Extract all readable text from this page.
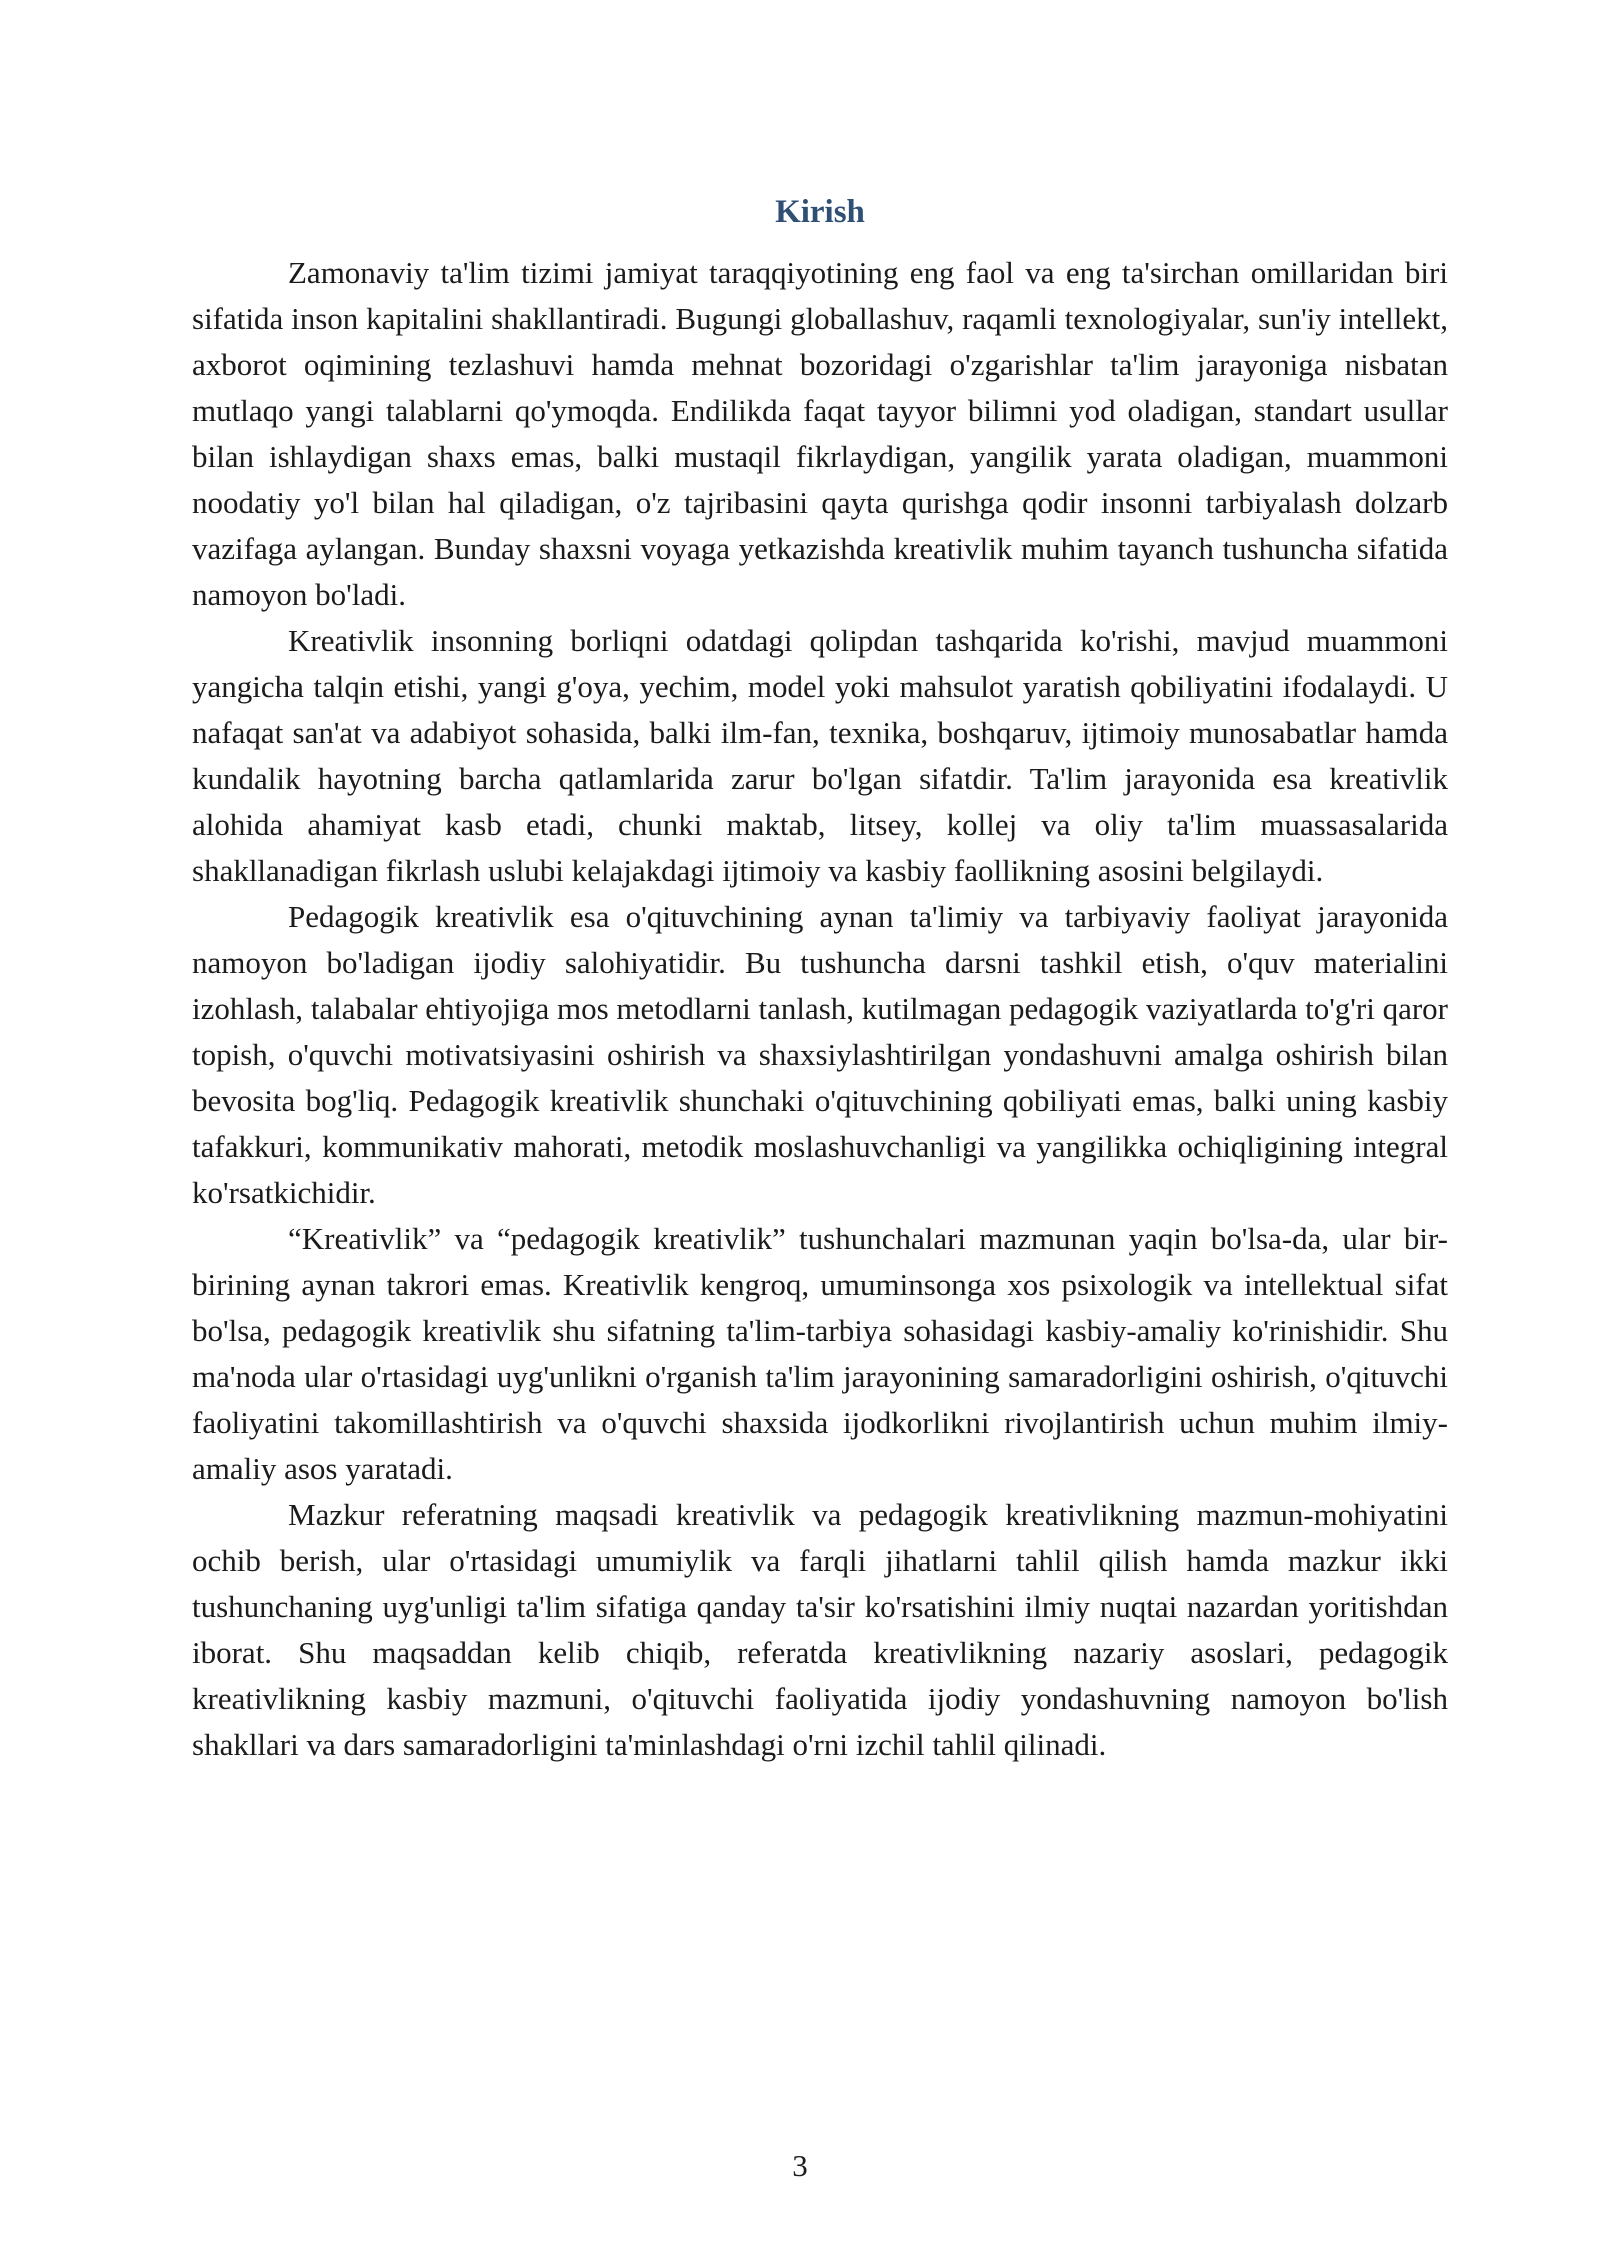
Kirish

Zamonaviy ta'lim tizimi jamiyat taraqqiyotining eng faol va eng ta'sirchan omillaridan biri sifatida inson kapitalini shakllantiradi. Bugungi globallashuv, raqamli texnologiyalar, sun'iy intellekt, axborot oqimining tezlashuvi hamda mehnat bozoridagi o'zgarishlar ta'lim jarayoniga nisbatan mutlaqo yangi talablarni qo'ymoqda. Endilikda faqat tayyor bilimni yod oladigan, standart usullar bilan ishlaydigan shaxs emas, balki mustaqil fikrlaydigan, yangilik yarata oladigan, muammoni noodatiy yo'l bilan hal qiladigan, o'z tajribasini qayta qurishga qodir insonni tarbiyalash dolzarb vazifaga aylangan. Bunday shaxsni voyaga yetkazishda kreativlik muhim tayanch tushuncha sifatida namoyon bo'ladi.

Kreativlik insonning borliqni odatdagi qolipdan tashqarida ko'rishi, mavjud muammoni yangicha talqin etishi, yangi g'oya, yechim, model yoki mahsulot yaratish qobiliyatini ifodalaydi. U nafaqat san'at va adabiyot sohasida, balki ilm-fan, texnika, boshqaruv, ijtimoiy munosabatlar hamda kundalik hayotning barcha qatlamlarida zarur bo'lgan sifatdir. Ta'lim jarayonida esa kreativlik alohida ahamiyat kasb etadi, chunki maktab, litsey, kollej va oliy ta'lim muassasalarida shakllanadigan fikrlash uslubi kelajakdagi ijtimoiy va kasbiy faollikning asosini belgilaydi.

Pedagogik kreativlik esa o'qituvchining aynan ta'limiy va tarbiyaviy faoliyat jarayonida namoyon bo'ladigan ijodiy salohiyatidir. Bu tushuncha darsni tashkil etish, o'quv materialini izohlash, talabalar ehtiyojiga mos metodlarni tanlash, kutilmagan pedagogik vaziyatlarda to'g'ri qaror topish, o'quvchi motivatsiyasini oshirish va shaxsiylashtirilgan yondashuvni amalga oshirish bilan bevosita bog'liq. Pedagogik kreativlik shunchaki o'qituvchining qobiliyati emas, balki uning kasbiy tafakkuri, kommunikativ mahorati, metodik moslashuvchanligi va yangilikka ochiqligining integral ko'rsatkichidir.

“Kreativlik” va “pedagogik kreativlik” tushunchalari mazmunan yaqin bo'lsa-da, ular bir-birining aynan takrori emas. Kreativlik kengroq, umuminsonga xos psixologik va intellektual sifat bo'lsa, pedagogik kreativlik shu sifatning ta'lim-tarbiya sohasidagi kasbiy-amaliy ko'rinishidir. Shu ma'noda ular o'rtasidagi uyg'unlikni o'rganish ta'lim jarayonining samaradorligini oshirish, o'qituvchi faoliyatini takomillashtirish va o'quvchi shaxsida ijodkorlikni rivojlantirish uchun muhim ilmiy-amaliy asos yaratadi.

Mazkur referatning maqsadi kreativlik va pedagogik kreativlikning mazmun-mohiyatini ochib berish, ular o'rtasidagi umumiylik va farqli jihatlarni tahlil qilish hamda mazkur ikki tushunchaning uyg'unligi ta'lim sifatiga qanday ta'sir ko'rsatishini ilmiy nuqtai nazardan yoritishdan iborat. Shu maqsaddan kelib chiqib, referatda kreativlikning nazariy asoslari, pedagogik kreativlikning kasbiy mazmuni, o'qituvchi faoliyatida ijodiy yondashuvning namoyon bo'lish shakllari va dars samaradorligini ta'minlashdagi o'rni izchil tahlil qilinadi.

3
